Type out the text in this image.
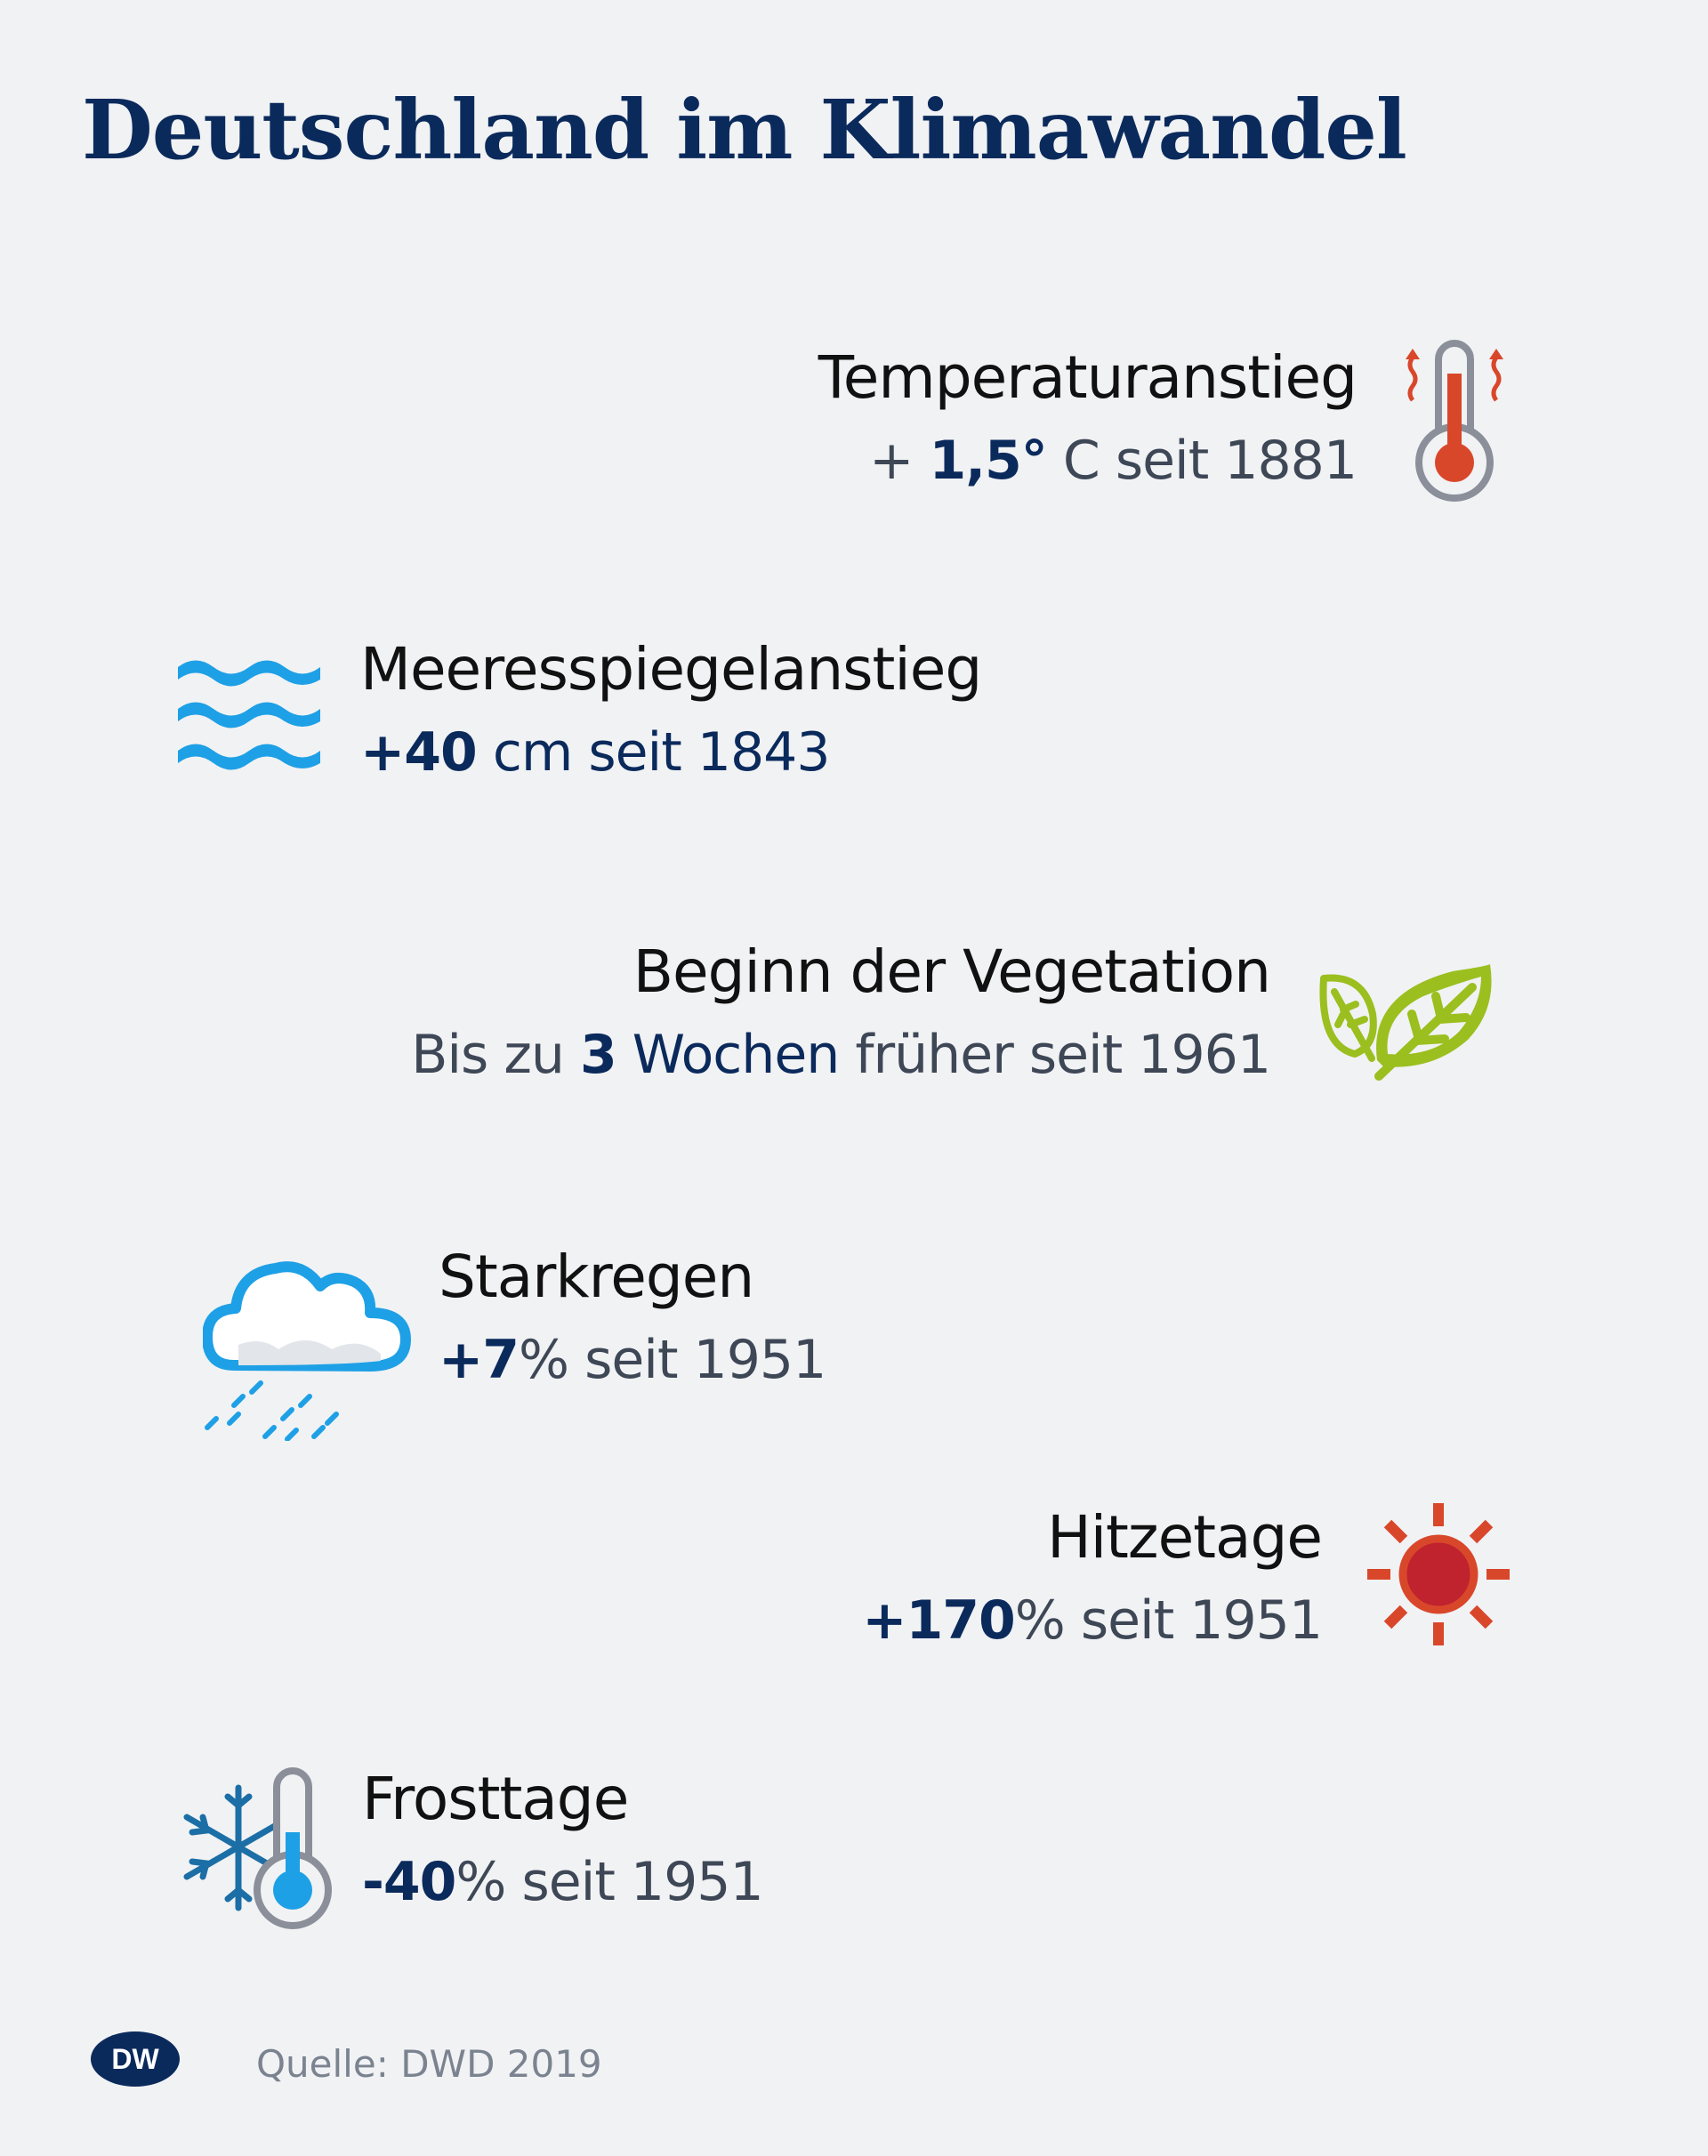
Deutschland im Klimawandel
Temperaturanstieg
+ 1,5° C seit 1881
Meeresspiegelanstieg
+40 cm seit 1843
Beginn der Vegetation
Bis zu 3 Wochen früher seit 1961
Starkregen
+7% seit 1951
Hitzetage
+170% seit 1951
Frosttage
-40% seit 1951
DW	Quelle: DWD 2019
